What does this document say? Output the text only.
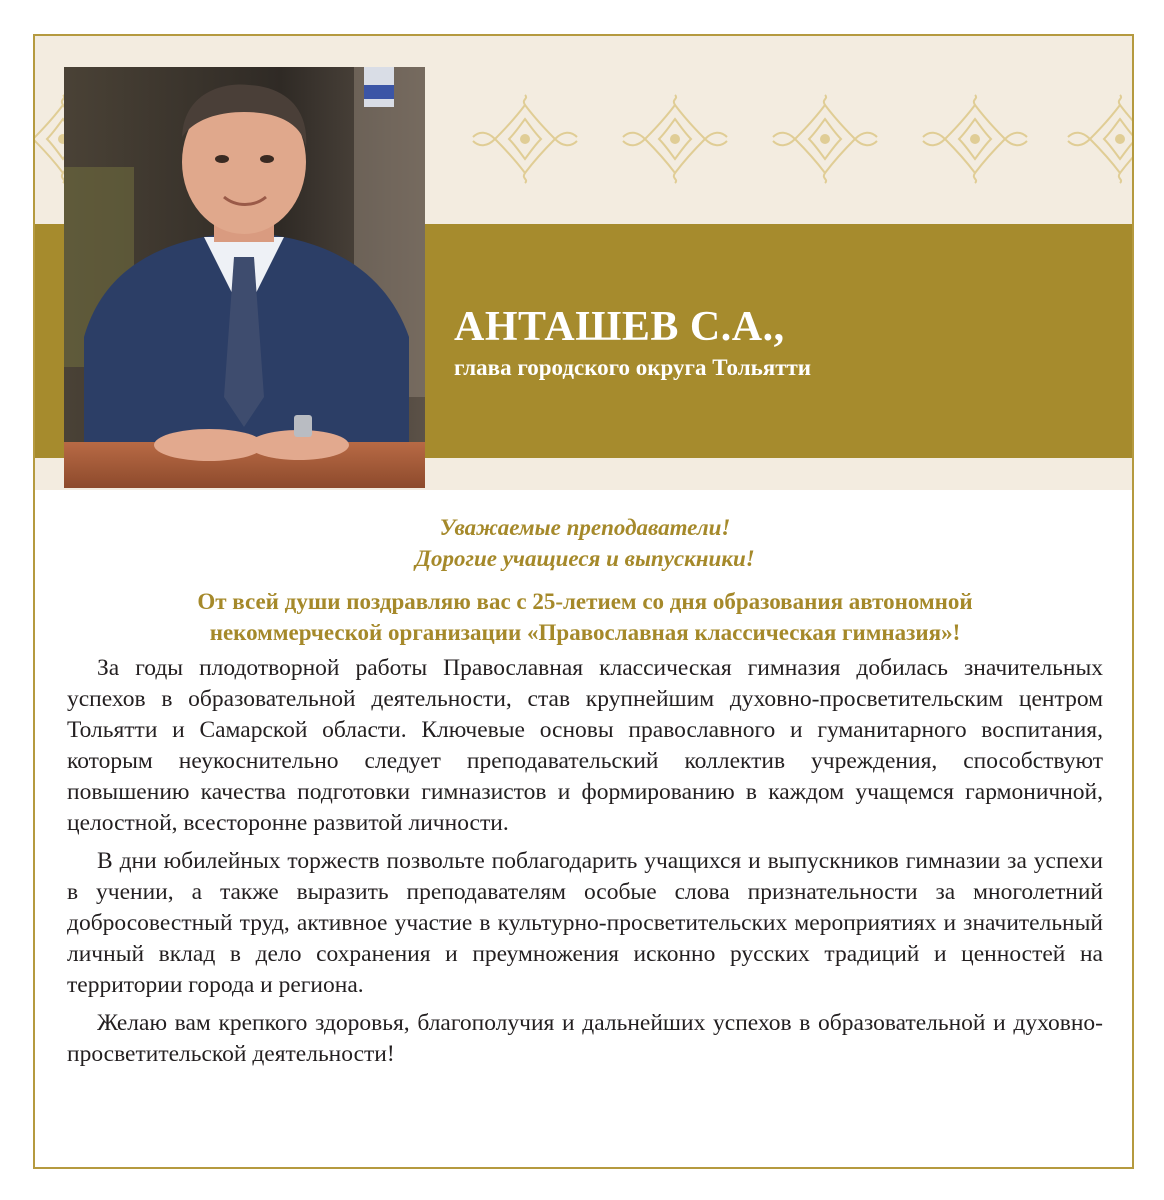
АНТАШЕВ С.А.,
глава городского округа Тольятти
Уважаемые преподаватели!
Дорогие учащиеся и выпускники!
От всей души поздравляю вас с 25-летием со дня образования автономной
некоммерческой организации «Православная классическая гимназия»!

За годы плодотворной работы Православная классическая гимназия добилась значительных успехов в образовательной деятельности, став крупнейшим духовно-просветительским центром Тольятти и Самарской области. Ключевые основы православного и гуманитарного воспитания, которым неукоснительно следует преподавательский коллектив учреждения, способствуют повышению качества подготовки гимназистов и формированию в каждом учащемся гармоничной, целостной, всесторонне развитой личности.

В дни юбилейных торжеств позвольте поблагодарить учащихся и выпускников гимназии за успехи в учении, а также выразить преподавателям особые слова признательности за многолетний добросовестный труд, активное участие в культурно-просветительских мероприятиях и значительный личный вклад в дело сохранения и преумножения исконно русских традиций и ценностей на территории города и региона.

Желаю вам крепкого здоровья, благополучия и дальнейших успехов в образовательной и духовно-просветительской деятельности!
